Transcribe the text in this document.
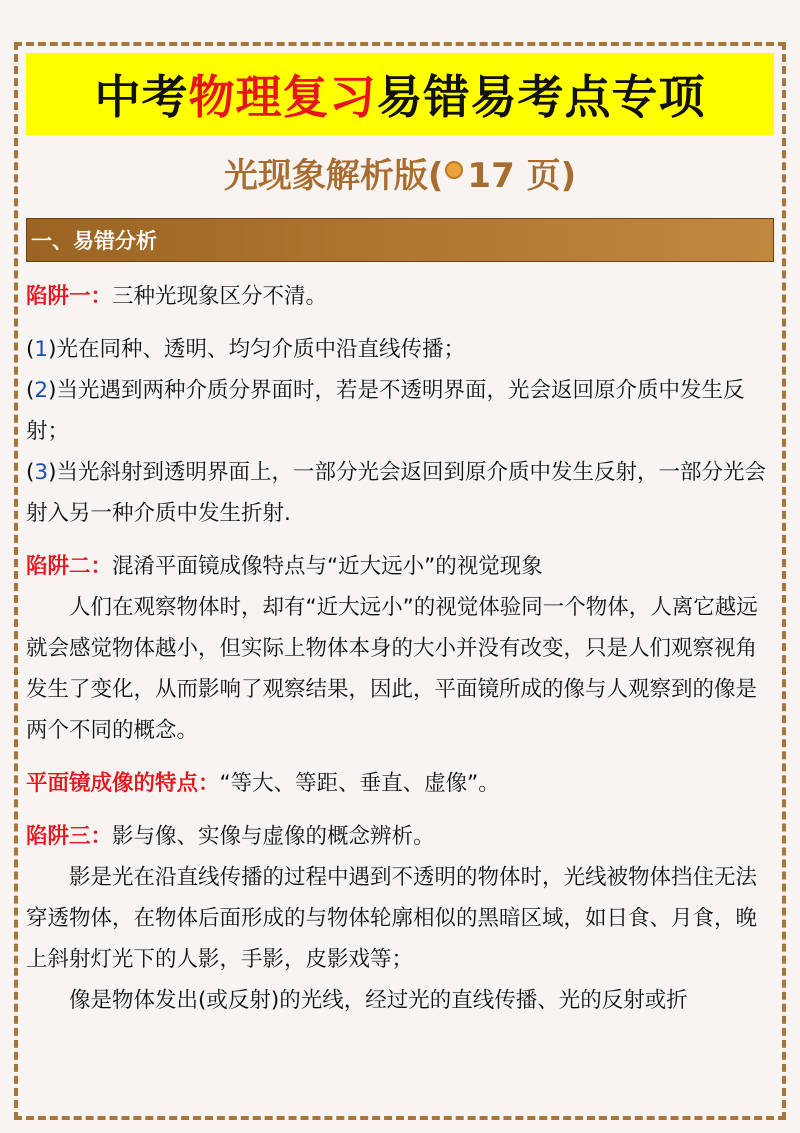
中考 物理复习 易错易考点专项
光现象解析版( 17 页)
一、易错分析
陷阱一：三种光现象区分不清。
(1)光在同种、透明、均匀介质中沿直线传播；
(2)当光遇到两种介质分界面时，若是不透明界面，光会返回原介质中发生反射；
(3)当光斜射到透明界面上，一部分光会返回到原介质中发生反射，一部分光会射入另一种介质中发生折射.
陷阱二：混淆平面镜成像特点与“近大远小”的视觉现象
人们在观察物体时，却有“近大远小”的视觉体验同一个物体，人离它越远就会感觉物体越小，但实际上物体本身的大小并没有改变，只是人们观察视角发生了变化，从而影响了观察结果，因此，平面镜所成的像与人观察到的像是两个不同的概念。
平面镜成像的特点：“等大、等距、垂直、虚像”。
陷阱三：影与像、实像与虚像的概念辨析。
影是光在沿直线传播的过程中遇到不透明的物体时，光线被物体挡住无法穿透物体，在物体后面形成的与物体轮廓相似的黑暗区域，如日食、月食，晚上斜射灯光下的人影，手影，皮影戏等；
像是物体发出(或反射)的光线，经过光的直线传播、光的反射或折
